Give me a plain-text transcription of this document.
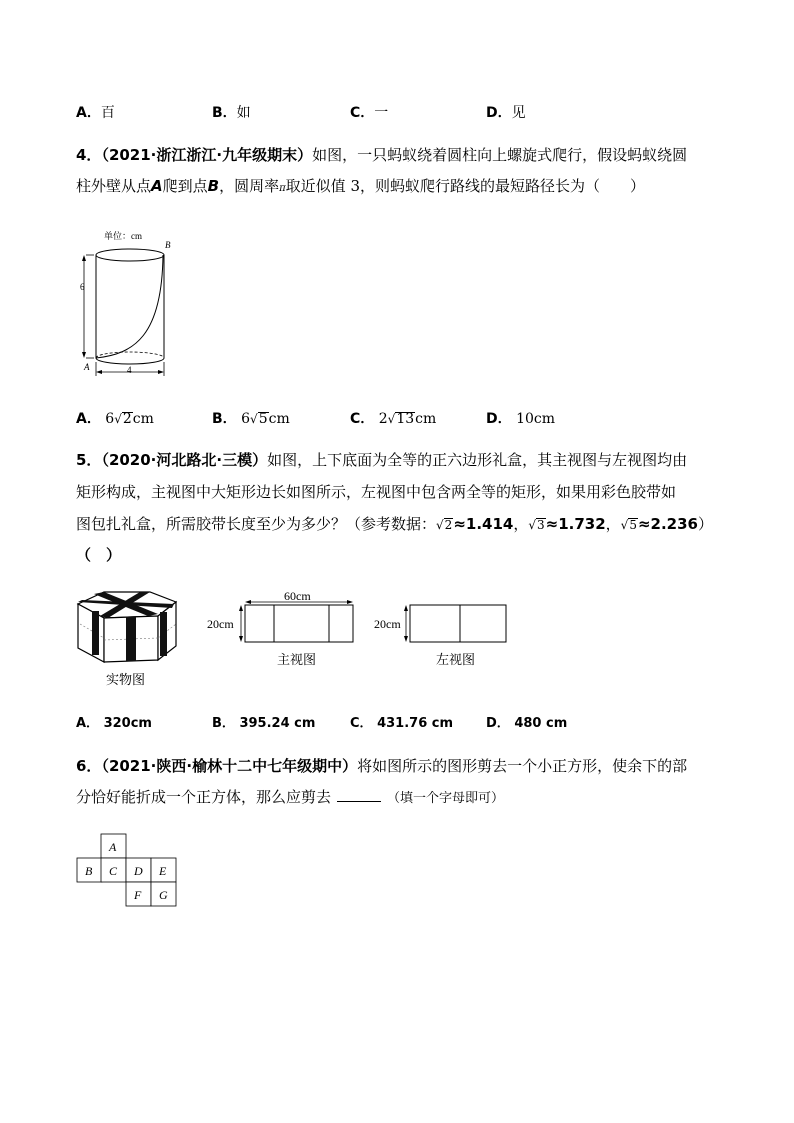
A．百	B．如	C．一	D．见
4．（2021·浙江浙江·九年级期末）如图，一只蚂蚁绕着圆柱向上螺旋式爬行，假设蚂蚁绕圆
柱外壁从点A爬到点B，圆周率π取近似值 3，则蚂蚁爬行路线的最短路径长为（　　）
单位：cm
B
6
A	4
A． 6√2cm	B． 6√5cm	C． 2√13cm	D． 10cm
5．（2020·河北路北·三模）如图，上下底面为全等的正六边形礼盒，其主视图与左视图均由
矩形构成，主视图中大矩形边长如图所示，左视图中包含两全等的矩形，如果用彩色胶带如
图包扎礼盒，所需胶带长度至少为多少？（参考数据：√2≈1.414，√3≈1.732，√5≈2.236）
（　）
实物图
60cm
20cm
主视图
20cm
左视图
A． 320cm	B． 395.24 cm	C． 431.76 cm	D． 480 cm
6．（2021·陕西·榆林十二中七年级期中）将如图所示的图形剪去一个小正方形，使余下的部
分恰好能折成一个正方体，那么应剪去	（填一个字母即可）
A
B C D E
F G
